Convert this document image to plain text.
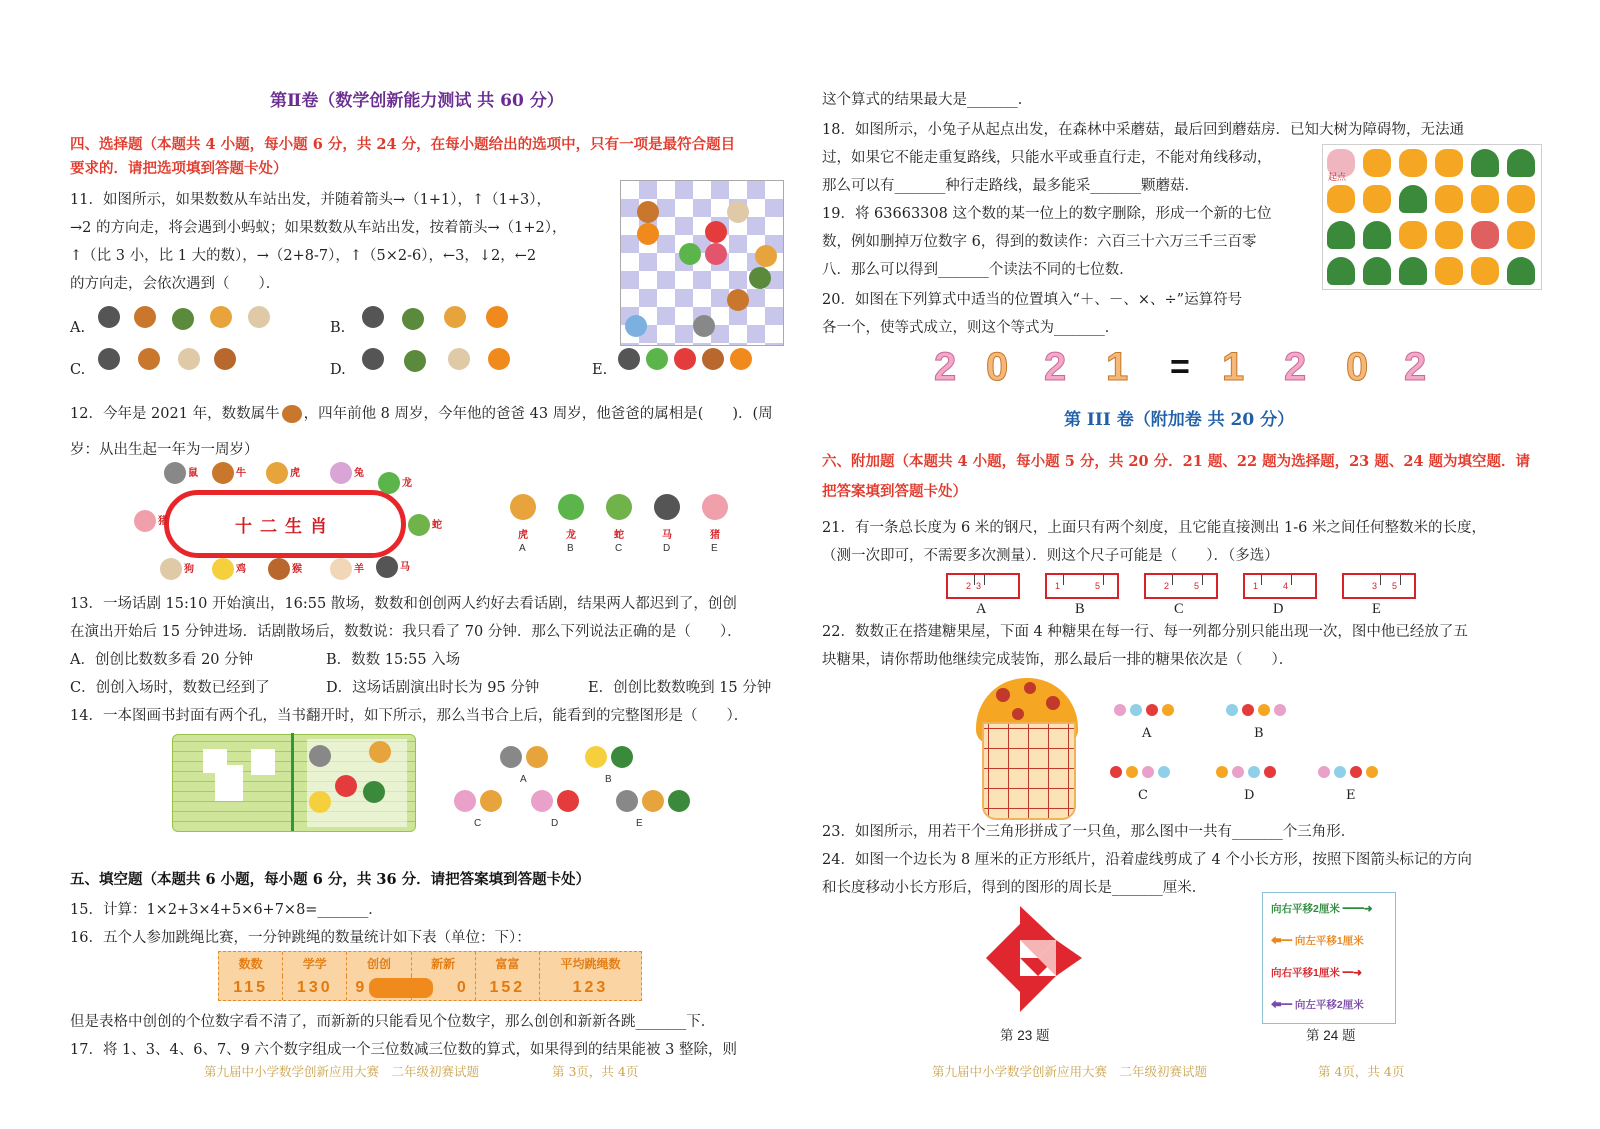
第Ⅱ卷（数学创新能力测试 共 60 分）
四、选择题（本题共 4 小题，每小题 6 分，共 24 分，在每小题给出的选项中，只有一项是最符合题目
要求的．请把选项填到答题卡处）
11．如图所示，如果数数从车站出发，并随着箭头→（1+1），↑（1+3），
→2 的方向走，将会遇到小蚂蚁；如果数数从车站出发，按着箭头→（1+2），
↑（比 3 小，比 1 大的数），→（2+8-7），↑（5×2-6），←3，↓2，←2
的方向走，会依次遇到（　　）．
A.	B.
C.	D.	E.
12．今年是 2021 年，数数属牛 ，四年前他 8 周岁，今年他的爸爸 43 周岁，他爸爸的属相是(　　)．(周
岁：从出生起一年为一周岁）
十二生肖
鼠	牛	虎	兔
龙
蛇
马
羊
猴
鸡
狗
猪
虎
A
龙
B
蛇
C
马
D
猪
E
13．一场话剧 15:10 开始演出，16:55 散场，数数和创创两人约好去看话剧，结果两人都迟到了，创创
在演出开始后 15 分钟进场．话剧散场后，数数说：我只看了 70 分钟．那么下列说法正确的是（　　）．
A．创创比数数多看 20 分钟	B．数数 15:55 入场
C．创创入场时，数数已经到了	D．这场话剧演出时长为 95 分钟	E．创创比数数晚到 15 分钟
14．一本图画书封面有两个孔，当书翻开时，如下所示，那么当书合上后，能看到的完整图形是（　　）．
A	B
C	D	E
五、填空题（本题共 6 小题，每小题 6 分，共 36 分．请把答案填到答题卡处）
15．计算：1×2+3×4+5×6+7×8=_______．
16．五个人参加跳绳比赛，一分钟跳绳的数量统计如下表（单位：下）：
数数	学学	创创	新新	富富	平均跳绳数
115	130	9	0	152	123
但是表格中创创的个位数字看不清了，而新新的只能看见个位数字，那么创创和新新各跳_______下．
17．将 1、3、4、6、7、9 六个数字组成一个三位数减三位数的算式，如果得到的结果能被 3 整除，则
第九届中小学数学创新应用大赛　二年级初赛试题	第 3页，共 4页
这个算式的结果最大是_______．
18．如图所示，小兔子从起点出发，在森林中采蘑菇，最后回到蘑菇房．已知大树为障碍物，无法通
过，如果它不能走重复路线，只能水平或垂直行走，不能对角线移动，
那么可以有_______种行走路线，最多能采_______颗蘑菇．
起点
19．将 63663308 这个数的某一位上的数字删除，形成一个新的七位
数，例如删掉万位数字 6，得到的数读作：六百三十六万三千三百零
八．那么可以得到_______个读法不同的七位数．
20．如图在下列算式中适当的位置填入“＋、－、×、÷”运算符号
各一个，使等式成立，则这个等式为_______．
2 0 2 1 = 1 2 0 2
第 III 卷（附加卷 共 20 分）
六、附加题（本题共 4 小题，每小题 5 分，共 20 分．21 题、22 题为选择题，23 题、24 题为填空题．请
把答案填到答题卡处）
21．有一条总长度为 6 米的钢尺，上面只有两个刻度，且它能直接测出 1-6 米之间任何整数米的长度，
（测一次即可，不需要多次测量）．则这个尺子可能是（　　）．（多选）
2 3
A
1	5
B
2	5
C
1	4
D
3 5
E
22．数数正在搭建糖果屋，下面 4 种糖果在每一行、每一列都分别只能出现一次，图中他已经放了五
块糖果，请你帮助他继续完成装饰，那么最后一排的糖果依次是（　　）．
A	B
C	D	E
23．如图所示，用若干个三角形拼成了一只鱼，那么图中一共有_______个三角形．
24．如图一个边长为 8 厘米的正方形纸片，沿着虚线剪成了 4 个小长方形，按照下图箭头标记的方向
和长度移动小长方形后，得到的图形的周长是_______厘米．
第 23 题
向右平移2厘米 ━━➜
⬅━ 向左平移1厘米
向右平移1厘米 ━➜
⬅━ 向左平移2厘米
第 24 题
第九届中小学数学创新应用大赛　二年级初赛试题	第 4页，共 4页
